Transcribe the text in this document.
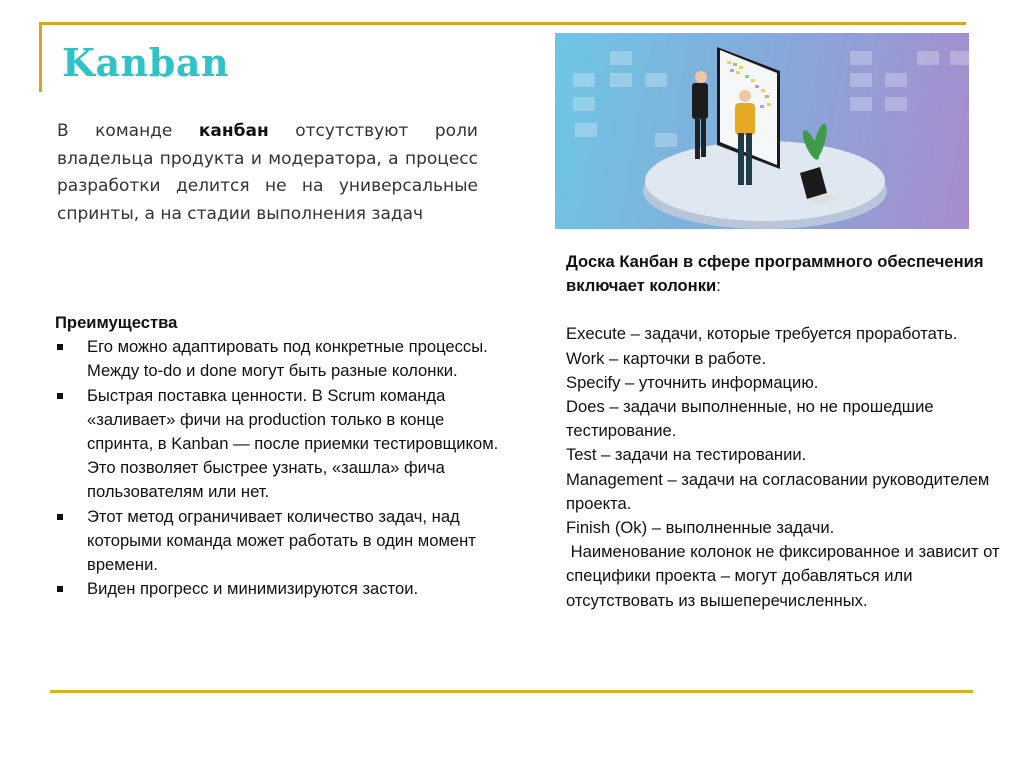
Kanban
В команде канбан отсутствуют роли владельца продукта и модератора, а процесс разработки делится не на универсальные спринты, а на стадии выполнения задач
Преимущества
Его можно адаптировать под конкретные процессы. Между to-do и done могут быть разные колонки.
Быстрая поставка ценности. В Scrum команда «заливает» фичи на production только в конце спринта, в Kanban — после приемки тестировщиком. Это позволяет быстрее узнать, «зашла» фича пользователям или нет.
Этот метод ограничивает количество задач, над которыми команда может работать в один момент времени.
Виден прогресс и минимизируются застои.
Доска Канбан в сфере программного обеспечения включает колонки:
Execute – задачи, которые требуется проработать.
Work – карточки в работе.
Specify – уточнить информацию.
Does – задачи выполненные, но не прошедшие тестирование.
Test – задачи на тестировании.
Management – задачи на согласовании руководителем проекта.
Finish (Ok) – выполненные задачи.
Наименование колонок не фиксированное и зависит от специфики проекта – могут добавляться или отсутствовать из вышеперечисленных.
